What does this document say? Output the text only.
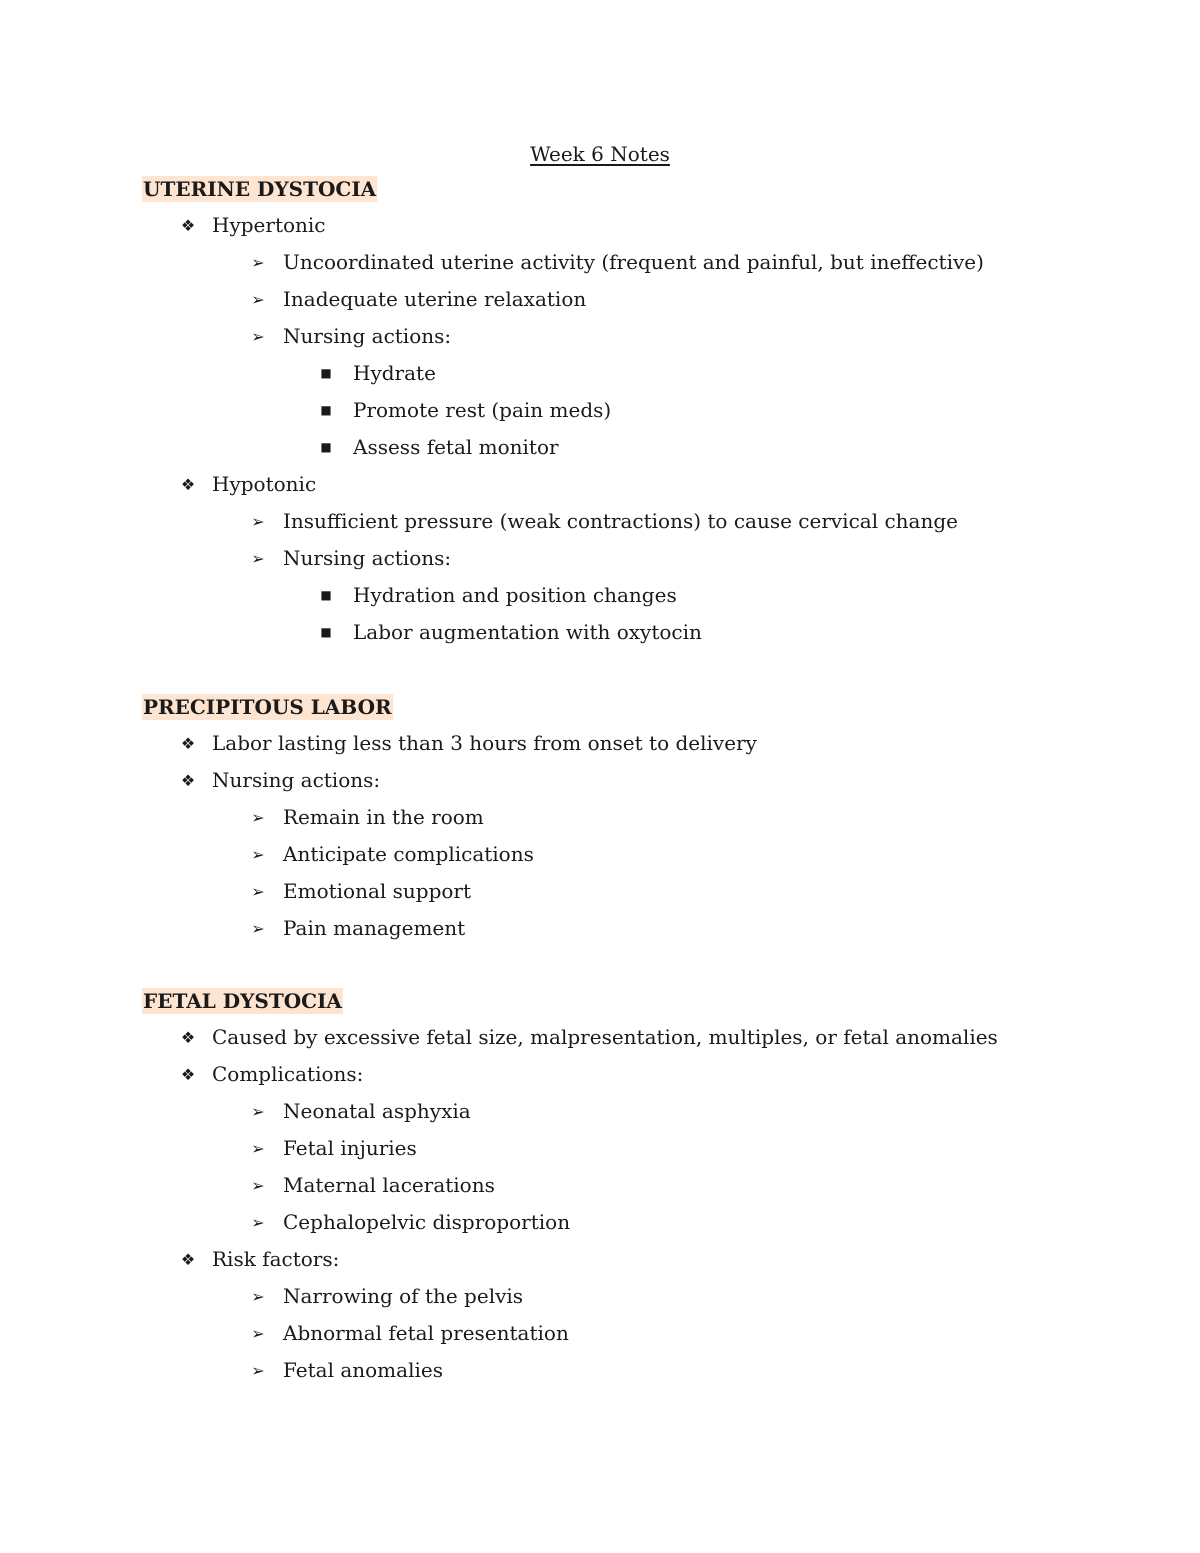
Week 6 Notes
UTERINE DYSTOCIA
❖ Hypertonic
➢ Uncoordinated uterine activity (frequent and painful, but ineffective)
➢ Inadequate uterine relaxation
➢ Nursing actions:
■	Hydrate
■	Promote rest (pain meds)
■	Assess fetal monitor
❖ Hypotonic
➢ Insufficient pressure (weak contractions) to cause cervical change
➢ Nursing actions:
■	Hydration and position changes
■	Labor augmentation with oxytocin
PRECIPITOUS LABOR
❖ Labor lasting less than 3 hours from onset to delivery
❖ Nursing actions:
➢ Remain in the room
➢ Anticipate complications
➢ Emotional support
➢ Pain management
FETAL DYSTOCIA
❖ Caused by excessive fetal size, malpresentation, multiples, or fetal anomalies
❖ Complications:
➢ Neonatal asphyxia
➢ Fetal injuries
➢ Maternal lacerations
➢ Cephalopelvic disproportion
❖ Risk factors:
➢ Narrowing of the pelvis
➢ Abnormal fetal presentation
➢ Fetal anomalies
